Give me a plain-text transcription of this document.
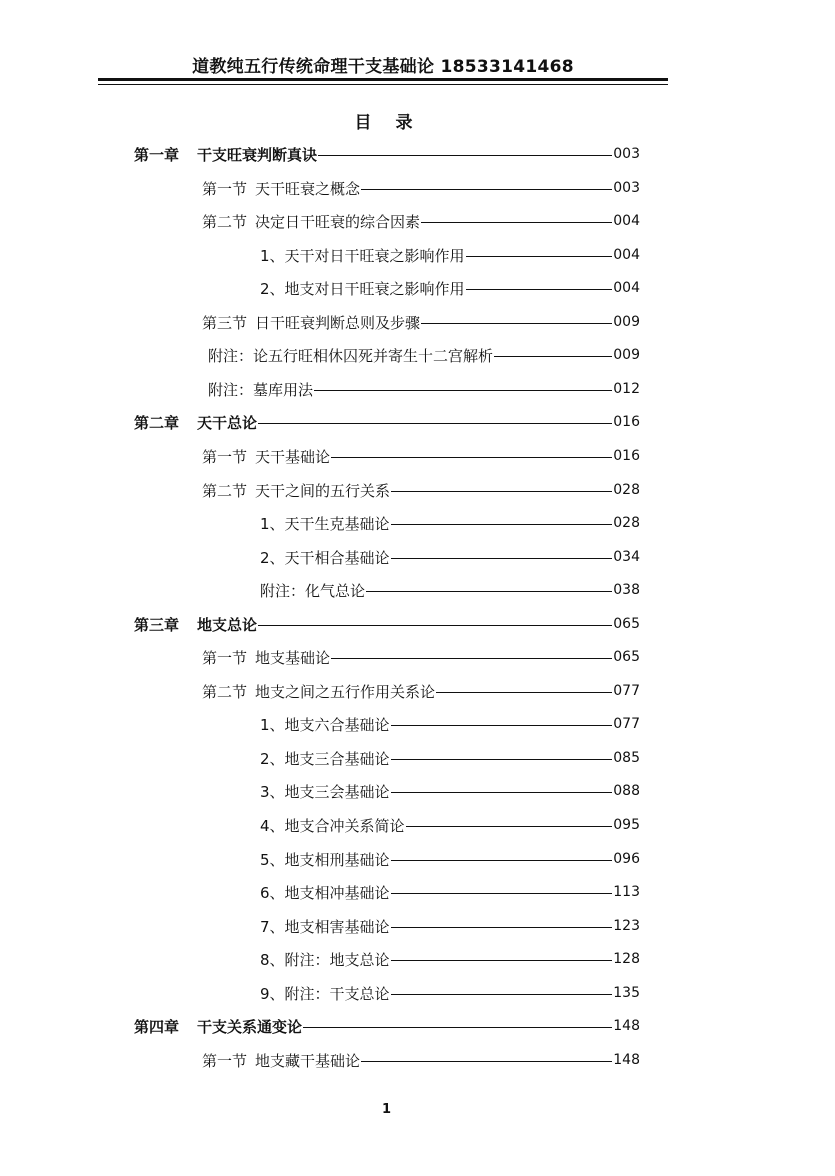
道教纯五行传统命理干支基础论 18533141468
目 录
第一章 干支旺衰判断真诀	003
第一节 天干旺衰之概念	003
第二节 决定日干旺衰的综合因素	004
1、天干对日干旺衰之影响作用	004
2、地支对日干旺衰之影响作用	004
第三节 日干旺衰判断总则及步骤	009
附注：论五行旺相休囚死并寄生十二宫解析	009
附注：墓库用法	012
第二章 天干总论	016
第一节 天干基础论	016
第二节 天干之间的五行关系	028
1、天干生克基础论	028
2、天干相合基础论	034
附注：化气总论	038
第三章 地支总论	065
第一节 地支基础论	065
第二节 地支之间之五行作用关系论	077
1、地支六合基础论	077
2、地支三合基础论	085
3、地支三会基础论	088
4、地支合冲关系简论	095
5、地支相刑基础论	096
6、地支相冲基础论	113
7、地支相害基础论	123
8、附注：地支总论	128
9、附注：干支总论	135
第四章 干支关系通变论	148
第一节 地支藏干基础论	148
1
